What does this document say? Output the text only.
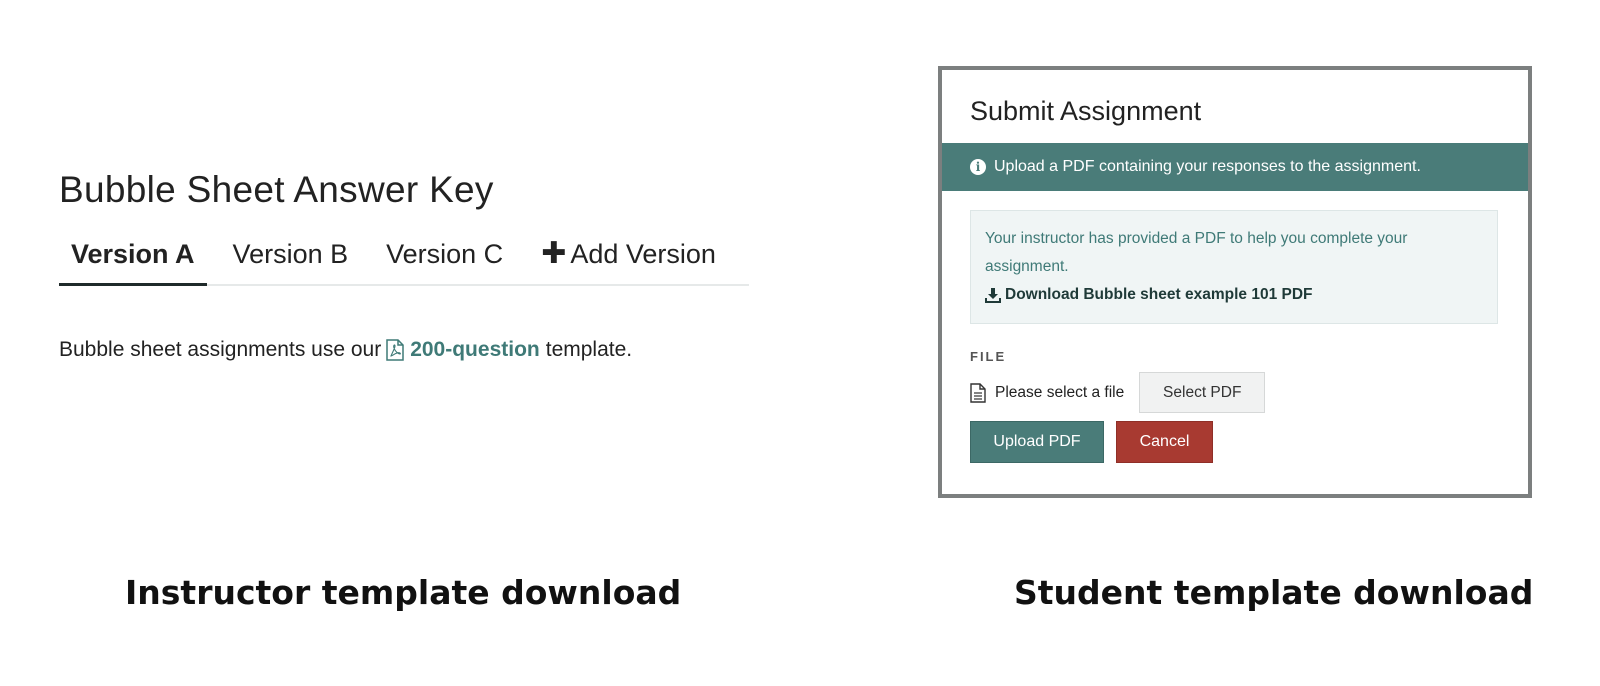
Bubble Sheet Answer Key
Version A	Version B	Version C	✚ Add Version

Bubble sheet assignments use our 200-question template.

Submit Assignment
i Upload a PDF containing your responses to the assignment.
Your instructor has provided a PDF to help you complete your assignment.
Download Bubble sheet example 101 PDF
FILE
Please select a file	Select PDF
Upload PDF	Cancel
Instructor template download	Student template download
